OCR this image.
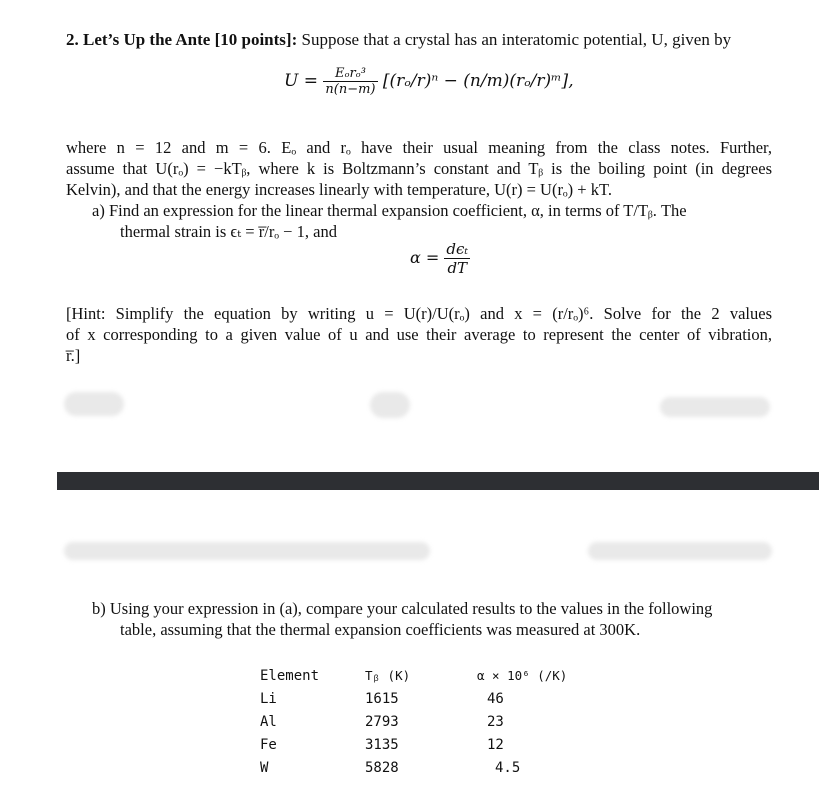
2. Let’s Up the Ante [10 points]: Suppose that a crystal has an interatomic potential, U, given by
$U = \frac{\text{Eₒrₒ³}}{n(n-m)} [(r_o/r)^n$ − (n/m)(rₒ/r)ᵐ],
where n = 12 and m = 6. Eₒ and rₒ have their usual meaning from the class notes. Further,
assume that U(rₒ) = −kTᵦ, where k is Boltzmann’s constant and Tᵦ is the boiling point (in degrees
Kelvin), and that the energy increases linearly with temperature, U(r) = U(rₒ) + kT.
a) Find an expression for the linear thermal expansion coefficient, α, in terms of T/Tᵦ. The
thermal strain is ϵₜ = r̅/rₒ − 1, and
$\alpha = \frac{\text{dϵₜ}}{dT}$
[Hint: Simplify the equation by writing u = U(r)/U(rₒ) and x = (r/rₒ)⁶. Solve for the 2 values
of x corresponding to a given value of u and use their average to represent the center of vibration,
r̅.]
b) Using your expression in (a), compare your calculated results to the values in the following
table, assuming that the thermal expansion coefficients was measured at 300K.
Element	Tᵦ (K)	α × 10⁶ (/K)
Li	1615	46
Al	2793	23
Fe	3135	12
W	5828	4.5
